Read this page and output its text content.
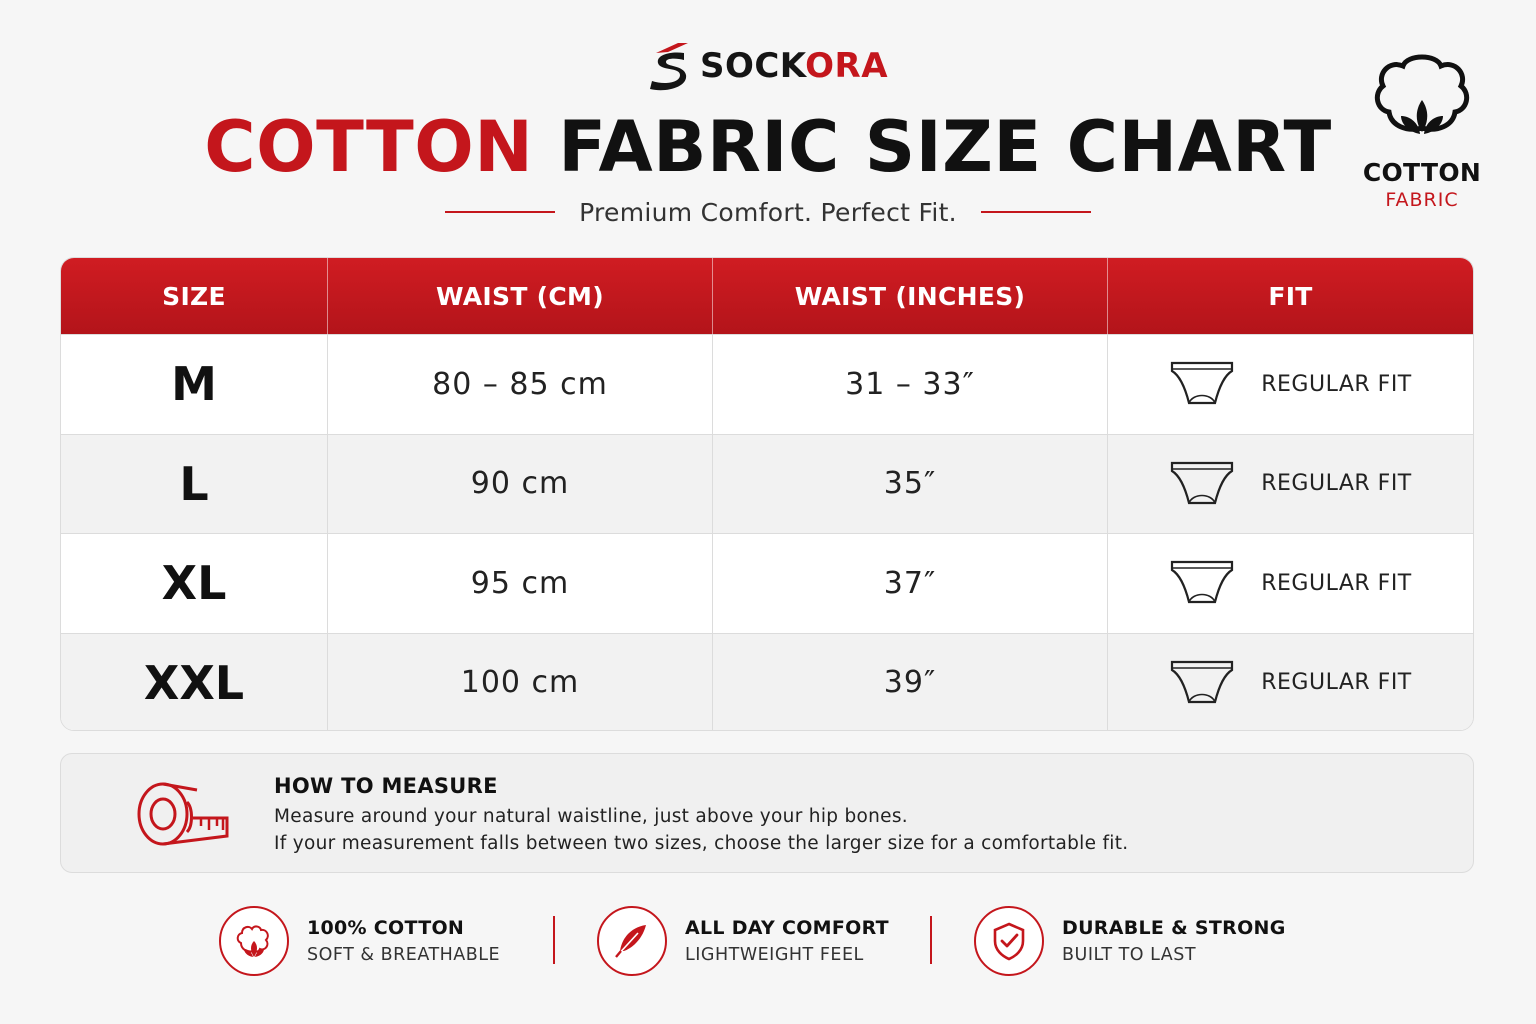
SOCKORA
COTTON FABRIC SIZE CHART
Premium Comfort. Perfect Fit.
COTTON
FABRIC
SIZE	WAIST (CM)	WAIST (INCHES)	FIT
M	80 – 85 cm	31 – 33″	REGULAR FIT
L	90 cm	35″	REGULAR FIT
XL	95 cm	37″	REGULAR FIT
XXL	100 cm	39″	REGULAR FIT
HOW TO MEASURE
Measure around your natural waistline, just above your hip bones.
If your measurement falls between two sizes, choose the larger size for a comfortable fit.
100% COTTON
SOFT & BREATHABLE
ALL DAY COMFORT
LIGHTWEIGHT FEEL
DURABLE & STRONG
BUILT TO LAST
